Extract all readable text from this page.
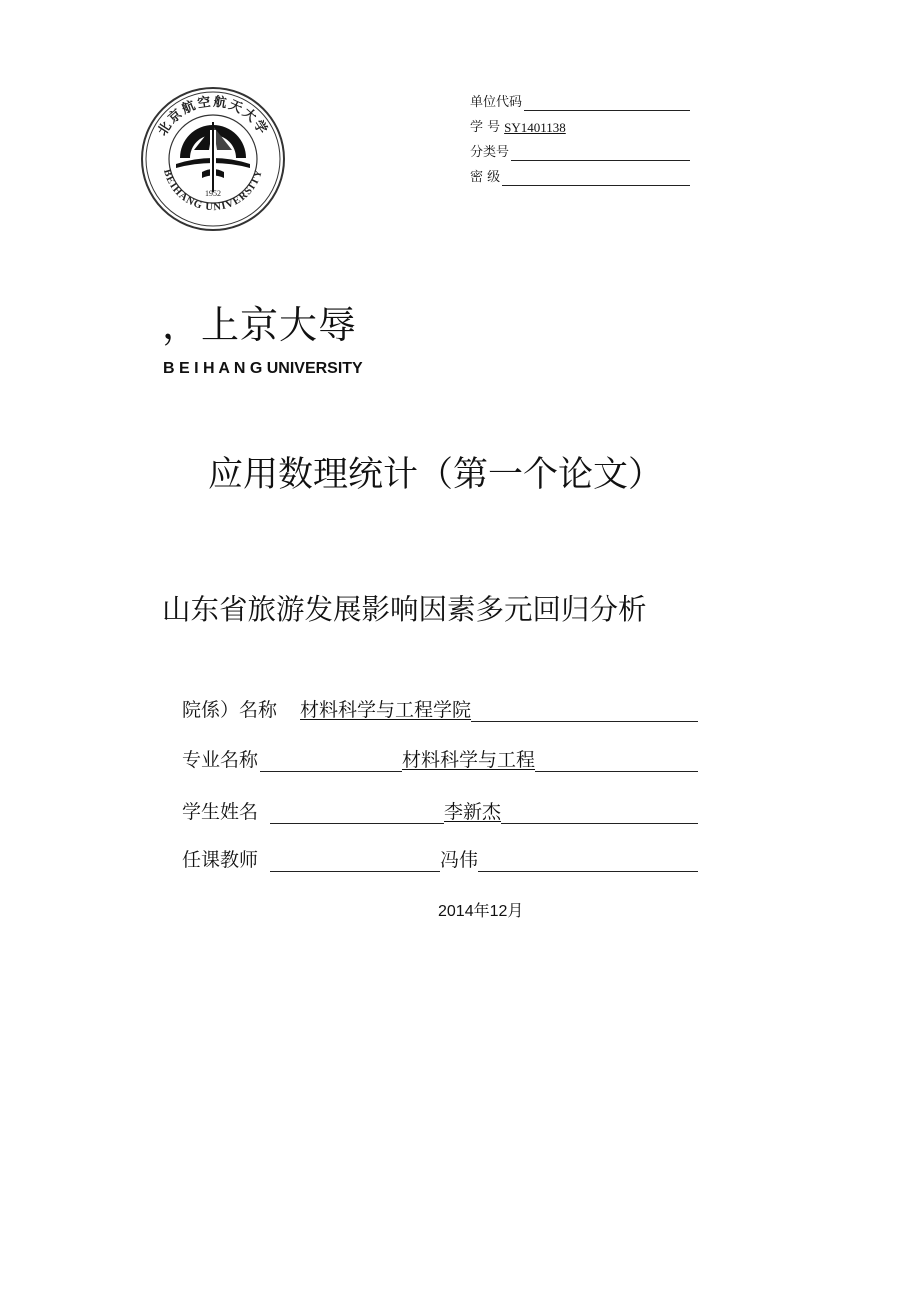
北京航空航天大学
BEIHANG UNIVERSITY
1952
单位代码
学 号 SY1401138
分类号
密 级
，上京大辱
B E I H A N G UNIVERSITY
应用数理统计（第一个论文）
山东省旅游发展影响因素多元回归分析
院係）名称 材料科学与工程学院
专业名称	材料科学与工程
学生姓名	李新杰
任课教师	冯伟
2014年12月
